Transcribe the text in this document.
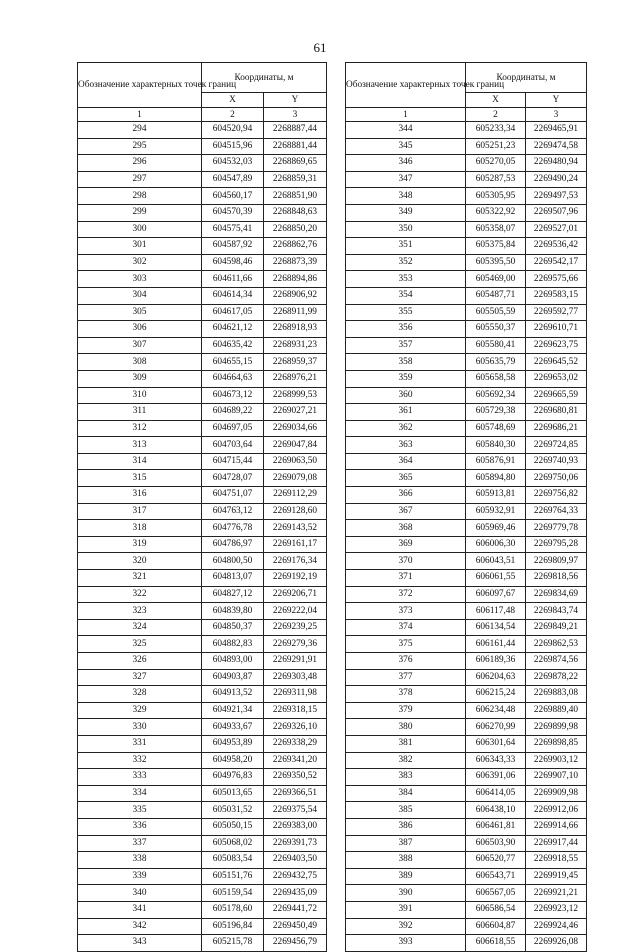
61
Обозначение характерных точек границ	Координаты, м	
	X	Y
1	2	3
294	604520,94	2268887,44
295	604515,96	2268881,44
296	604532,03	2268869,65
297	604547,89	2268859,31
298	604560,17	2268851,90
299	604570,39	2268848,63
300	604575,41	2268850,20
301	604587,92	2268862,76
302	604598,46	2268873,39
303	604611,66	2268894,86
304	604614,34	2268906,92
305	604617,05	2268911,99
306	604621,12	2268918,93
307	604635,42	2268931,23
308	604655,15	2268959,37
309	604664,63	2268976,21
310	604673,12	2268999,53
311	604689,22	2269027,21
312	604697,05	2269034,66
313	604703,64	2269047,84
314	604715,44	2269063,50
315	604728,07	2269079,08
316	604751,07	2269112,29
317	604763,12	2269128,60
318	604776,78	2269143,52
319	604786,97	2269161,17
320	604800,50	2269176,34
321	604813,07	2269192,19
322	604827,12	2269206,71
323	604839,80	2269222,04
324	604850,37	2269239,25
325	604882,83	2269279,36
326	604893,00	2269291,91
327	604903,87	2269303,48
328	604913,52	2269311,98
329	604921,34	2269318,15
330	604933,67	2269326,10
331	604953,89	2269338,29
332	604958,20	2269341,20
333	604976,83	2269350,52
334	605013,65	2269366,51
335	605031,52	2269375,54
336	605050,15	2269383,00
337	605068,02	2269391,73
338	605083,54	2269403,50
339	605151,76	2269432,75
340	605159,54	2269435,09
341	605178,60	2269441,72
342	605196,84	2269450,49
343	605215,78	2269456,79
Обозначение характерных точек границ	Координаты, м	
	X	Y
1	2	3
344	605233,34	2269465,91
345	605251,23	2269474,58
346	605270,05	2269480,94
347	605287,53	2269490,24
348	605305,95	2269497,53
349	605322,92	2269507,96
350	605358,07	2269527,01
351	605375,84	2269536,42
352	605395,50	2269542,17
353	605469,00	2269575,66
354	605487,71	2269583,15
355	605505,59	2269592,77
356	605550,37	2269610,71
357	605580,41	2269623,75
358	605635,79	2269645,52
359	605658,58	2269653,02
360	605692,34	2269665,59
361	605729,38	2269680,81
362	605748,69	2269686,21
363	605840,30	2269724,85
364	605876,91	2269740,93
365	605894,80	2269750,06
366	605913,81	2269756,82
367	605932,91	2269764,33
368	605969,46	2269779,78
369	606006,30	2269795,28
370	606043,51	2269809,97
371	606061,55	2269818,56
372	606097,67	2269834,69
373	606117,48	2269843,74
374	606134,54	2269849,21
375	606161,44	2269862,53
376	606189,36	2269874,56
377	606204,63	2269878,22
378	606215,24	2269883,08
379	606234,48	2269889,40
380	606270,99	2269899,98
381	606301,64	2269898,85
382	606343,33	2269903,12
383	606391,06	2269907,10
384	606414,05	2269909,98
385	606438,10	2269912,06
386	606461,81	2269914,66
387	606503,90	2269917,44
388	606520,77	2269918,55
389	606543,71	2269919,45
390	606567,05	2269921,21
391	606586,54	2269923,12
392	606604,87	2269924,46
393	606618,55	2269926,08
